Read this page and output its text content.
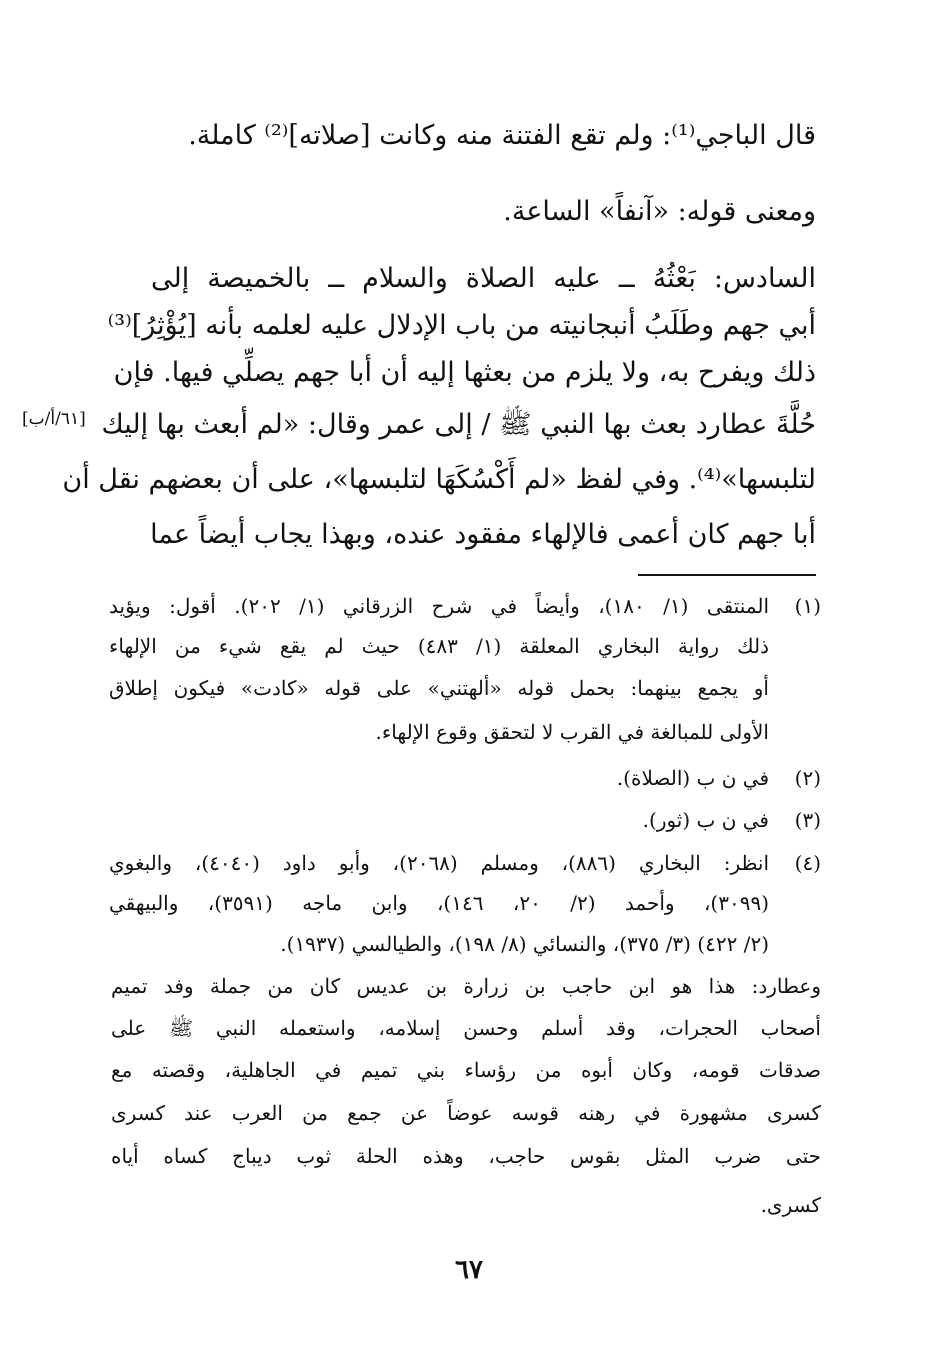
قال الباجي⁽¹⁾: ولم تقع الفتنة منه وكانت [صلاته]⁽²⁾ كاملة.
ومعنى قوله: «آنفاً» الساعة.
السادس: بَعْثُهُ ــ عليه الصلاة والسلام ــ بالخميصة إلى
أبي جهم وطَلَبُ أنبجانيته من باب الإدلال عليه لعلمه بأنه [يُؤْثِرُ]⁽³⁾
ذلك ويفرح به، ولا يلزم من بعثها إليه أن أبا جهم يصلِّي فيها. فإن
حُلَّةَ عطارد بعث بها النبي ﷺ / إلى عمر وقال: «لم أبعث بها إليك
لتلبسها»⁽⁴⁾. وفي لفظ «لم أَكْسُكَهَا لتلبسها»، على أن بعضهم نقل أن
أبا جهم كان أعمى فالإلهاء مفقود عنده، وبهذا يجاب أيضاً عما
[٦١/أ/ب]
(١)
المنتقى (١/ ١٨٠)، وأيضاً في شرح الزرقاني (١/ ٢٠٢). أقول: ويؤيد
ذلك رواية البخاري المعلقة (١/ ٤٨٣) حيث لم يقع شيء من الإلهاء
أو يجمع بينهما: بحمل قوله «ألهتني» على قوله «كادت» فيكون إطلاق
الأولى للمبالغة في القرب لا لتحقق وقوع الإلهاء.
(٢)
في ن ب (الصلاة).
(٣)
في ن ب (ثور).
(٤)
انظر: البخاري (٨٨٦)، ومسلم (٢٠٦٨)، وأبو داود (٤٠٤٠)، والبغوي
(٣٠٩٩)، وأحمد (٢/ ٢٠، ١٤٦)، وابن ماجه (٣٥٩١)، والبيهقي
(٢/ ٤٢٢) (٣/ ٣٧٥)، والنسائي (٨/ ١٩٨)، والطيالسي (١٩٣٧).
وعطارد: هذا هو ابن حاجب بن زرارة بن عديس كان من جملة وفد تميم
أصحاب الحجرات، وقد أسلم وحسن إسلامه، واستعمله النبي ﷺ على
صدقات قومه، وكان أبوه من رؤساء بني تميم في الجاهلية، وقصته مع
كسرى مشهورة في رهنه قوسه عوضاً عن جمع من العرب عند كسرى
حتى ضرب المثل بقوس حاجب، وهذه الحلة ثوب ديباج كساه أياه
كسرى.
٦٧
